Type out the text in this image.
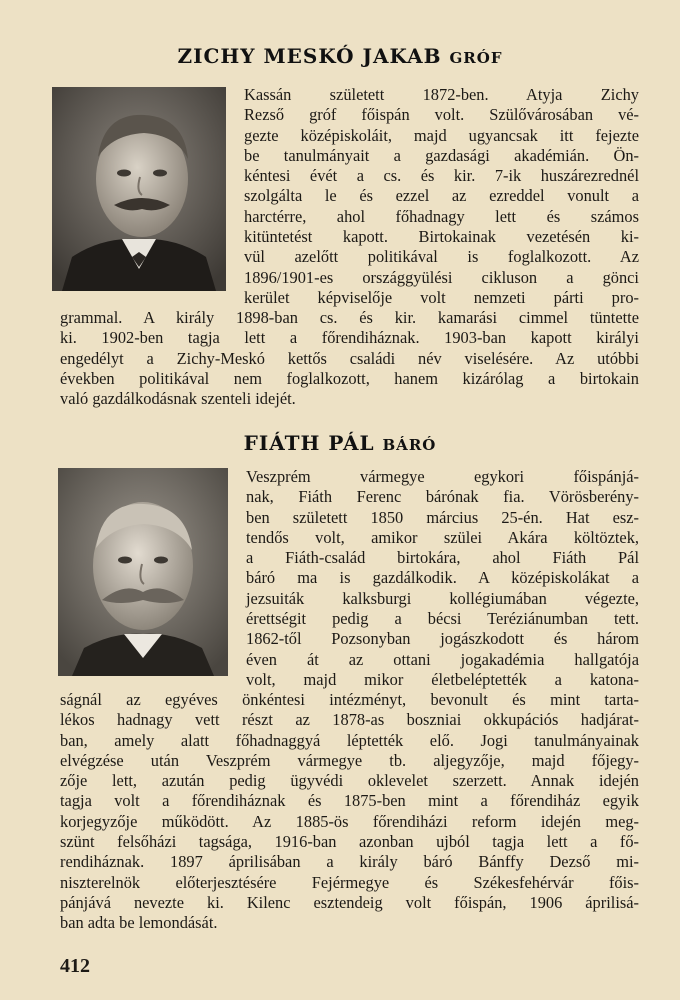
ZICHY MESKÓ JAKAB GRÓF
Kassán született 1872-ben. Atyja Zichy
Rezső gróf főispán volt. Szülővárosában vé-
gezte középiskoláit, majd ugyancsak itt fejezte
be tanulmányait a gazdasági akadémián. Ön-
kéntesi évét a cs. és kir. 7-ik huszárezrednél
szolgálta le és ezzel az ezreddel vonult a
harctérre, ahol főhadnagy lett és számos
kitüntetést kapott. Birtokainak vezetésén ki-
vül azelőtt politikával is foglalkozott. Az
1896/1901-es országgyülési cikluson a gönci
kerület képviselője volt nemzeti párti pro-
grammal. A király 1898-ban cs. és kir. kamarási cimmel tüntette
ki. 1902-ben tagja lett a főrendiháznak. 1903-ban kapott királyi
engedélyt a Zichy-Meskó kettős családi név viselésére. Az utóbbi
években politikával nem foglalkozott, hanem kizárólag a birtokain
való gazdálkodásnak szenteli idejét.
FIÁTH PÁL BÁRÓ
Veszprém vármegye egykori főispánjá-
nak, Fiáth Ferenc bárónak fia. Vörösberény-
ben született 1850 március 25-én. Hat esz-
tendős volt, amikor szülei Akára költöztek,
a Fiáth-család birtokára, ahol Fiáth Pál
báró ma is gazdálkodik. A középiskolákat a
jezsuiták kalksburgi kollégiumában végezte,
érettségit pedig a bécsi Teréziánumban tett.
1862-től Pozsonyban jogászkodott és három
éven át az ottani jogakadémia hallgatója
volt, majd mikor életbeléptették a katona-
ságnál az egyéves önkéntesi intézményt, bevonult és mint tarta-
lékos hadnagy vett részt az 1878-as boszniai okkupációs hadjárat-
ban, amely alatt főhadnaggyá léptették elő. Jogi tanulmányainak
elvégzése után Veszprém vármegye tb. aljegyzője, majd főjegy-
zője lett, azután pedig ügyvédi oklevelet szerzett. Annak idején
tagja volt a főrendiháznak és 1875-ben mint a főrendiház egyik
korjegyzője működött. Az 1885-ös főrendiházi reform idején meg-
szünt felsőházi tagsága, 1916-ban azonban ujból tagja lett a fő-
rendiháznak. 1897 áprilisában a király báró Bánffy Dezső mi-
niszterelnök előterjesztésére Fejérmegye és Székesfehérvár főis-
pánjává nevezte ki. Kilenc esztendeig volt főispán, 1906 áprilisá-
ban adta be lemondását.
412
